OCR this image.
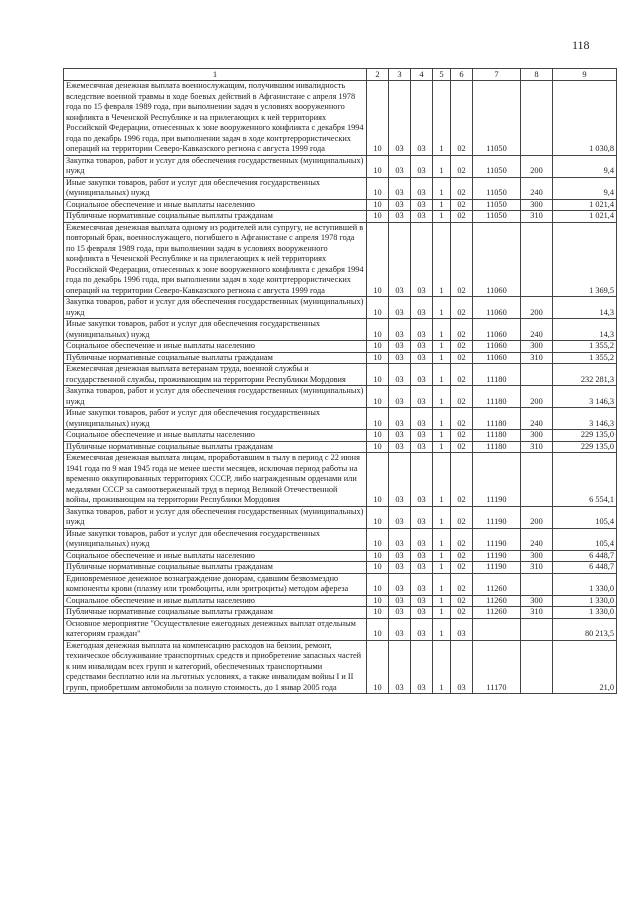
118
1	2	3	4	5	6	7	8	9
Ежемесячная денежная выплата военнослужащим, получившим инвалидность вследствие военной травмы в ходе боевых действий в Афганистане с апреля 1978 года по 15 февраля 1989 года, при выполнении задач в условиях вооруженного конфликта в Чеченской Республике и на прилегающих к ней территориях Российской Федерации, отнесенных к зоне вооруженного конфликта с декабря 1994 года по декабрь 1996 года, при выполнении задач в ходе контртеррористических операций на территории Северо-Кавказского региона с августа 1999 года	10	03	03	1	02	11050		1 030,8
Закупка товаров, работ и услуг для обеспечения государственных (муниципальных) нужд	10	03	03	1	02	11050	200	9,4
Иные закупки товаров, работ и услуг для обеспечения государственных (муниципальных) нужд	10	03	03	1	02	11050	240	9,4
Социальное обеспечение и иные выплаты населению	10	03	03	1	02	11050	300	1 021,4
Публичные нормативные социальные выплаты гражданам	10	03	03	1	02	11050	310	1 021,4
Ежемесячная денежная выплата одному из родителей или супругу, не вступившей в повторный брак, военнослужащего, погибшего в Афганистане с апреля 1978 года по 15 февраля 1989 года, при выполнении задач в условиях вооруженного конфликта в Чеченской Республике и на прилегающих к ней территориях Российской Федерации, отнесенных к зоне вооруженного конфликта с декабря 1994 года по декабрь 1996 года, при выполнении задач в ходе контртеррористических операций на территории Северо-Кавказского региона с августа 1999 года	10	03	03	1	02	11060		1 369,5
Закупка товаров, работ и услуг для обеспечения государственных (муниципальных) нужд	10	03	03	1	02	11060	200	14,3
Иные закупки товаров, работ и услуг для обеспечения государственных (муниципальных) нужд	10	03	03	1	02	11060	240	14,3
Социальное обеспечение и иные выплаты населению	10	03	03	1	02	11060	300	1 355,2
Публичные нормативные социальные выплаты гражданам	10	03	03	1	02	11060	310	1 355,2
Ежемесячная денежная выплата ветеранам труда, военной службы и государственной службы, проживающим на территории Республики Мордовия	10	03	03	1	02	11180		232 281,3
Закупка товаров, работ и услуг для обеспечения государственных (муниципальных) нужд	10	03	03	1	02	11180	200	3 146,3
Иные закупки товаров, работ и услуг для обеспечения государственных (муниципальных) нужд	10	03	03	1	02	11180	240	3 146,3
Социальное обеспечение и иные выплаты населению	10	03	03	1	02	11180	300	229 135,0
Публичные нормативные социальные выплаты гражданам	10	03	03	1	02	11180	310	229 135,0
Ежемесячная денежная выплата лицам, проработавшим в тылу в период с 22 июня 1941 года по 9 мая 1945 года не менее шести месяцев, исключая период работы на временно оккупированных территориях СССР, либо награжденным орденами или медалями СССР за самоотверженный труд в период Великой Отечественной войны, проживающим на территории Республики Мордовия	10	03	03	1	02	11190		6 554,1
Закупка товаров, работ и услуг для обеспечения государственных (муниципальных) нужд	10	03	03	1	02	11190	200	105,4
Иные закупки товаров, работ и услуг для обеспечения государственных (муниципальных) нужд	10	03	03	1	02	11190	240	105,4
Социальное обеспечение и иные выплаты населению	10	03	03	1	02	11190	300	6 448,7
Публичные нормативные социальные выплаты гражданам	10	03	03	1	02	11190	310	6 448,7
Единовременное денежное вознаграждение донорам, сдавшим безвозмездно компоненты крови (плазму или тромбоциты, или эритроциты) методом афереза	10	03	03	1	02	11260		1 330,0
Социальное обеспечение и иные выплаты населению	10	03	03	1	02	11260	300	1 330,0
Публичные нормативные социальные выплаты гражданам	10	03	03	1	02	11260	310	1 330,0
Основное мероприятие "Осуществление ежегодных денежных выплат отдельным категориям граждан"	10	03	03	1	03			80 213,5
Ежегодная денежная выплата на компенсацию расходов на бензин, ремонт, техническое обслуживание транспортных средств и приобретение запасных частей к ним инвалидам всех групп и категорий, обеспеченных транспортными средствами бесплатно или на льготных условиях, а также инвалидам войны I и II групп, приобретшим автомобили за полную стоимость, до 1 январ 2005 года	10	03	03	1	03	11170		21,0
